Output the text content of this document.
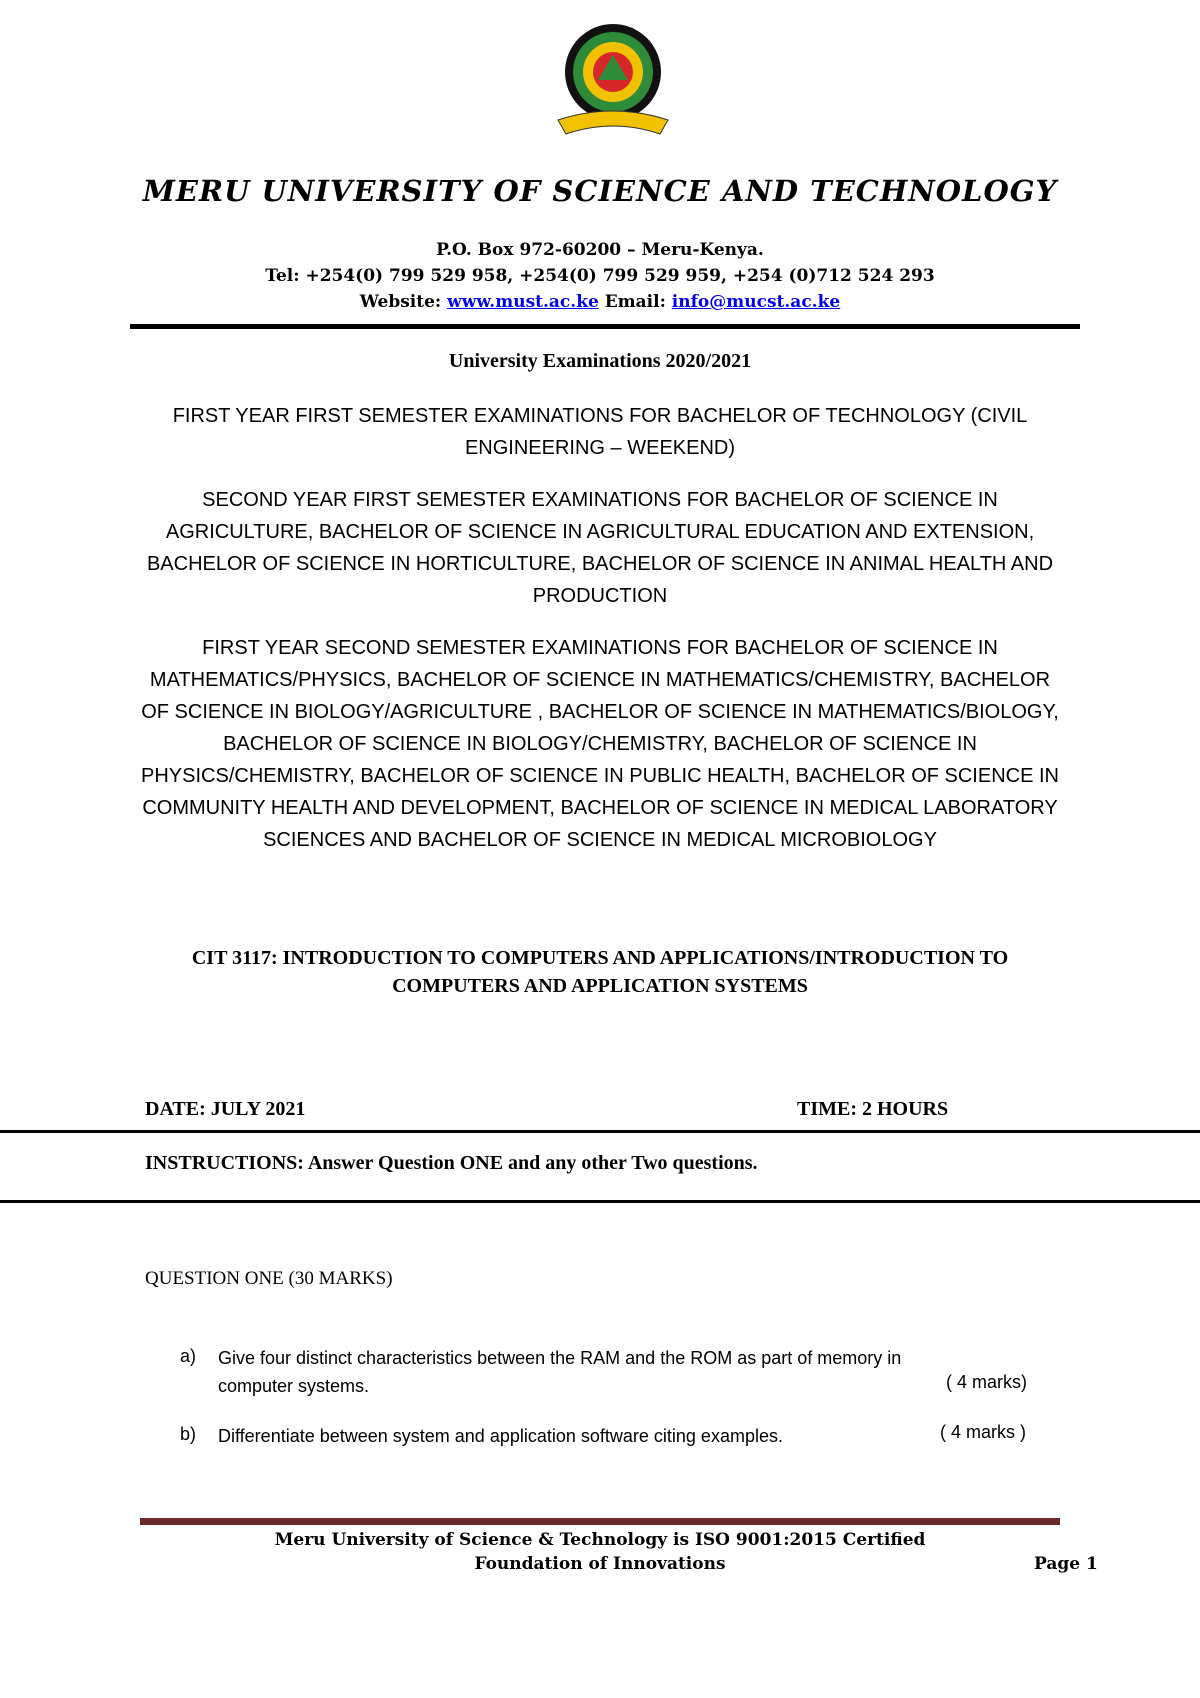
MERU UNIVERSITY OF SCIENCE AND TECHNOLOGY
P.O. Box 972-60200 – Meru-Kenya.
Tel: +254(0) 799 529 958, +254(0) 799 529 959, +254 (0)712 524 293
Website: www.must.ac.ke Email: info@mucst.ac.ke
University Examinations 2020/2021
FIRST YEAR FIRST SEMESTER EXAMINATIONS FOR BACHELOR OF TECHNOLOGY (CIVIL ENGINEERING – WEEKEND)
SECOND YEAR FIRST SEMESTER EXAMINATIONS FOR BACHELOR OF SCIENCE IN AGRICULTURE, BACHELOR OF SCIENCE IN AGRICULTURAL EDUCATION AND EXTENSION, BACHELOR OF SCIENCE IN HORTICULTURE, BACHELOR OF SCIENCE IN ANIMAL HEALTH AND PRODUCTION
FIRST YEAR SECOND SEMESTER EXAMINATIONS FOR BACHELOR OF SCIENCE IN MATHEMATICS/PHYSICS, BACHELOR OF SCIENCE IN MATHEMATICS/CHEMISTRY, BACHELOR OF SCIENCE IN BIOLOGY/AGRICULTURE , BACHELOR OF SCIENCE IN MATHEMATICS/BIOLOGY, BACHELOR OF SCIENCE IN BIOLOGY/CHEMISTRY, BACHELOR OF SCIENCE IN PHYSICS/CHEMISTRY, BACHELOR OF SCIENCE IN PUBLIC HEALTH, BACHELOR OF SCIENCE IN COMMUNITY HEALTH AND DEVELOPMENT, BACHELOR OF SCIENCE IN MEDICAL LABORATORY SCIENCES AND BACHELOR OF SCIENCE IN MEDICAL MICROBIOLOGY
CIT 3117: INTRODUCTION TO COMPUTERS AND APPLICATIONS/INTRODUCTION TO COMPUTERS AND APPLICATION SYSTEMS
DATE: JULY 2021	TIME: 2 HOURS
INSTRUCTIONS: Answer Question ONE and any other Two questions.
QUESTION ONE (30 MARKS)
a) Give four distinct characteristics between the RAM and the ROM as part of memory in computer systems.	( 4 marks)
b) Differentiate between system and application software citing examples.	( 4 marks )
Meru University of Science & Technology is ISO 9001:2015 Certified
Foundation of Innovations	Page 1
